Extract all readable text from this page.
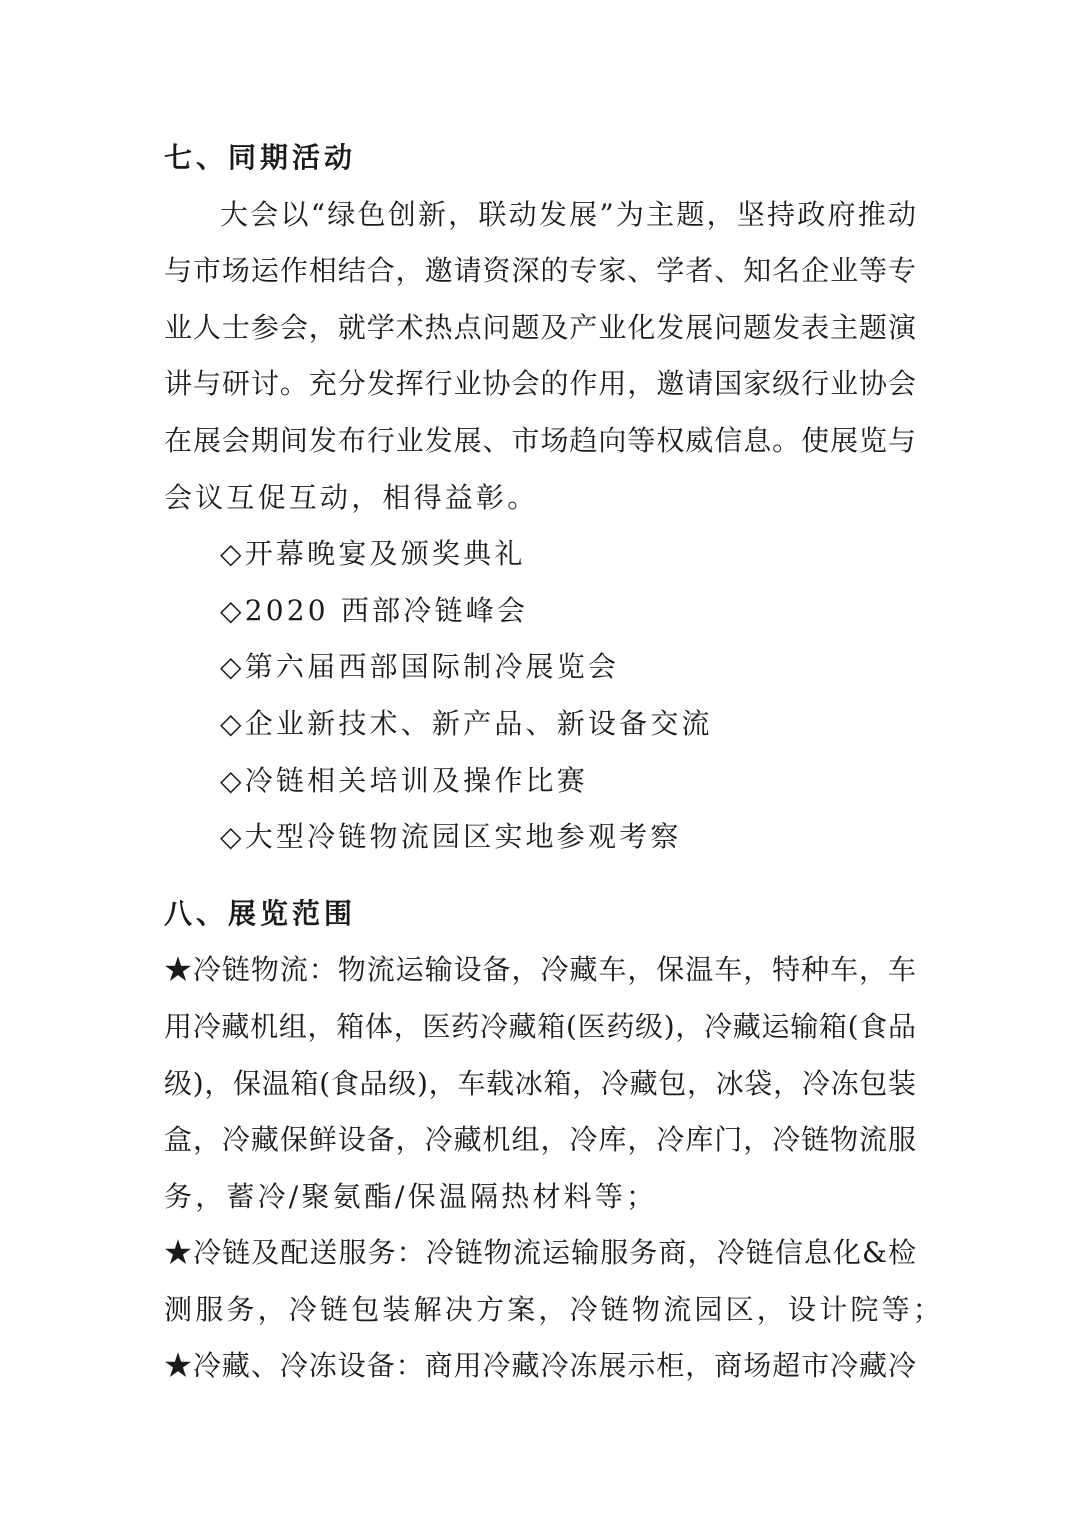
七、同期活动
大会以“绿色创新，联动发展”为主题，坚持政府推动
与市场运作相结合，邀请资深的专家、学者、知名企业等专
业人士参会，就学术热点问题及产业化发展问题发表主题演
讲与研讨。充分发挥行业协会的作用，邀请国家级行业协会
在展会期间发布行业发展、市场趋向等权威信息。使展览与
会议互促互动，相得益彰。
◇开幕晚宴及颁奖典礼
◇2020 西部冷链峰会
◇第六届西部国际制冷展览会
◇企业新技术、新产品、新设备交流
◇冷链相关培训及操作比赛
◇大型冷链物流园区实地参观考察
八、展览范围
★冷链物流：物流运输设备，冷藏车，保温车，特种车，车
用冷藏机组，箱体，医药冷藏箱(医药级)，冷藏运输箱(食品
级)，保温箱(食品级)，车载冰箱，冷藏包，冰袋，冷冻包装
盒，冷藏保鲜设备，冷藏机组，冷库，冷库门，冷链物流服
务，蓄冷/聚氨酯/保温隔热材料等；
★冷链及配送服务：冷链物流运输服务商，冷链信息化&检
测服务，冷链包装解决方案，冷链物流园区，设计院等；
★冷藏、冷冻设备：商用冷藏冷冻展示柜，商场超市冷藏冷
